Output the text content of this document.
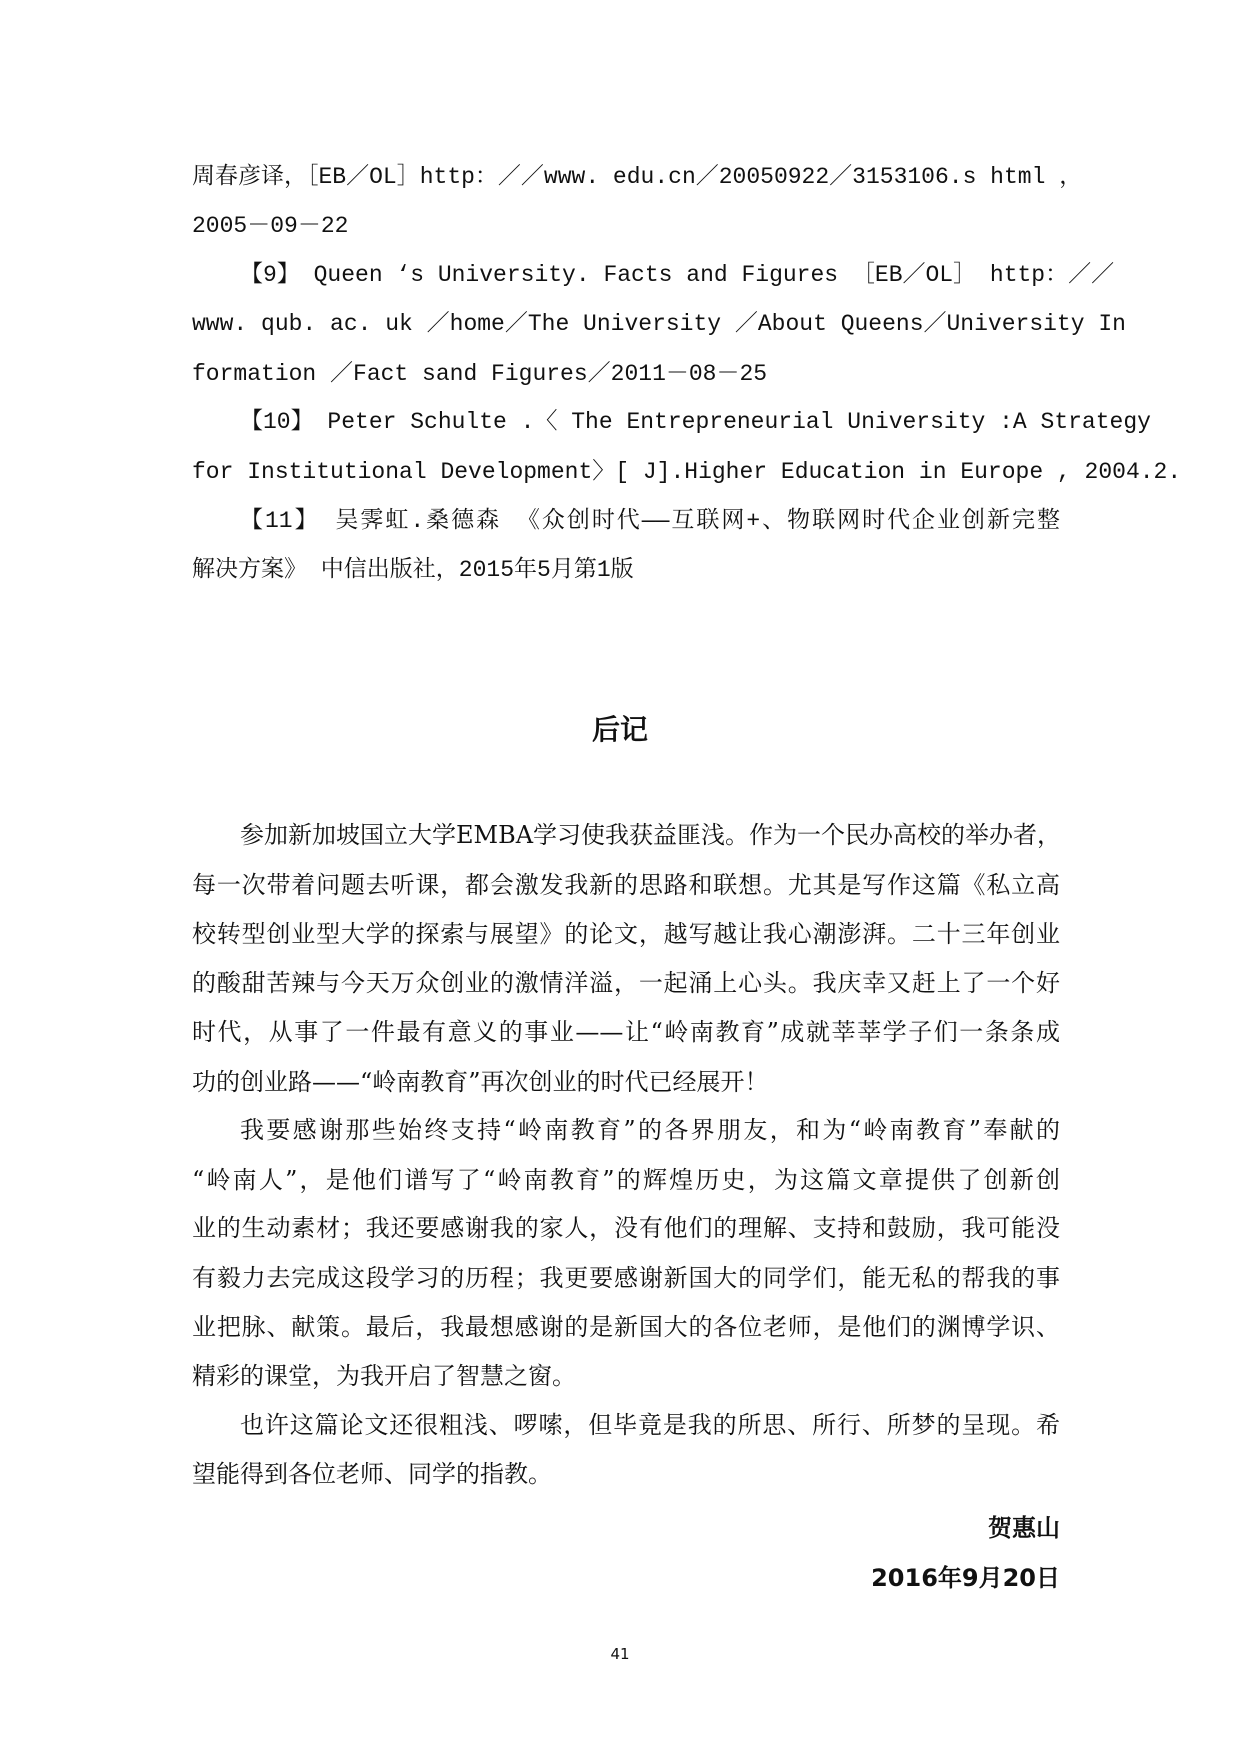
周春彦译，［EB／OL］http：／／www. edu.cn／20050922／3153106.s html ，
2005－09－22
【9】 Queen ‘s University. Facts and Figures ［EB／OL］ http：／／
www. qub. ac. uk ／home／The University ／About Queens／University In
formation ／Fact sand Figures／2011－08－25
【10】 Peter Schulte .〈 The Entrepreneurial University :A Strategy
for Institutional Development〉[ J].Higher Education in Europe , 2004.2.
【11】 吴霁虹.桑德森 《众创时代——互联网+、物联网时代企业创新完整
解决方案》 中信出版社，2015年5月第1版
后记
参加新加坡国立大学EMBA学习使我获益匪浅。作为一个民办高校的举办者，
每一次带着问题去听课，都会激发我新的思路和联想。尤其是写作这篇《私立高
校转型创业型大学的探索与展望》的论文，越写越让我心潮澎湃。二十三年创业
的酸甜苦辣与今天万众创业的激情洋溢，一起涌上心头。我庆幸又赶上了一个好
时代，从事了一件最有意义的事业——让“岭南教育”成就莘莘学子们一条条成
功的创业路——“岭南教育”再次创业的时代已经展开！
我要感谢那些始终支持“岭南教育”的各界朋友，和为“岭南教育”奉献的
“岭南人”，是他们谱写了“岭南教育”的辉煌历史，为这篇文章提供了创新创
业的生动素材；我还要感谢我的家人，没有他们的理解、支持和鼓励，我可能没
有毅力去完成这段学习的历程；我更要感谢新国大的同学们，能无私的帮我的事
业把脉、献策。最后，我最想感谢的是新国大的各位老师，是他们的渊博学识、
精彩的课堂，为我开启了智慧之窗。
也许这篇论文还很粗浅、啰嗦，但毕竟是我的所思、所行、所梦的呈现。希
望能得到各位老师、同学的指教。
贺惠山
2016年9月20日
41
